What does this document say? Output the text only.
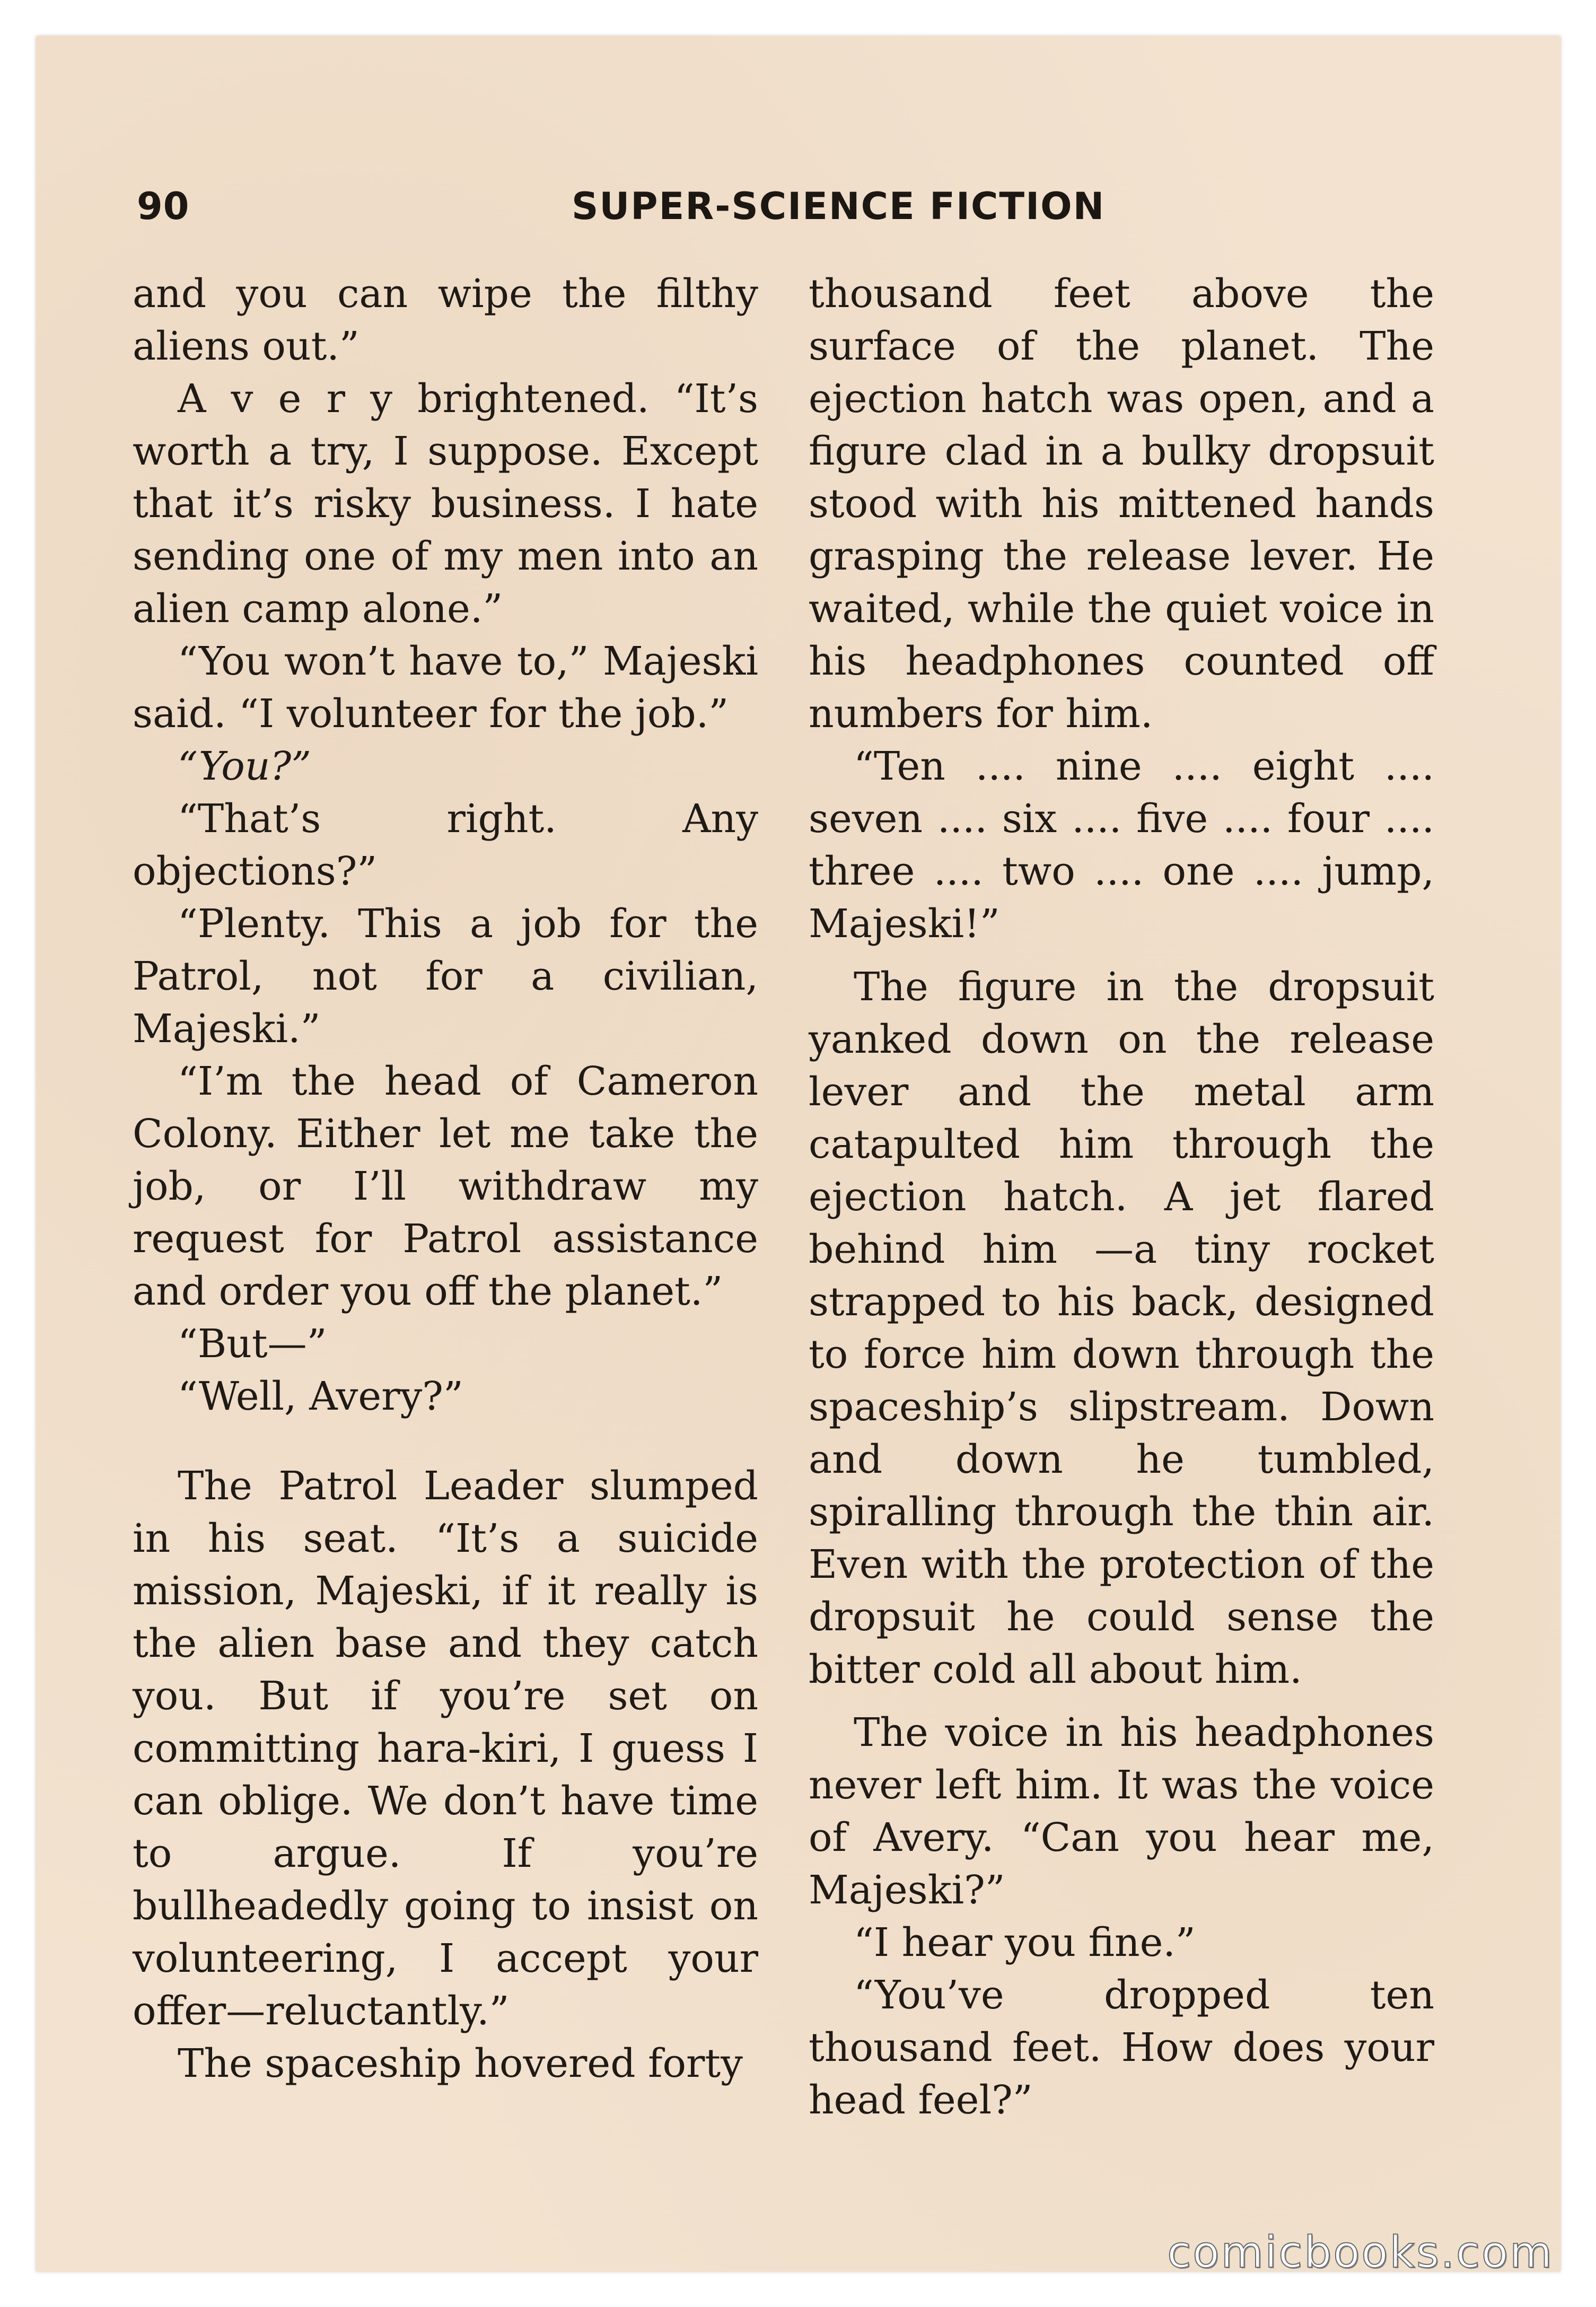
90	SUPER-SCIENCE FICTION

and you can wipe the filthy aliens out.”

A v e r y brightened. “It’s worth a try, I suppose. Except that it’s risky business. I hate sending one of my men into an alien camp alone.”

“You won’t have to,” Majeski said. “I volunteer for the job.”

“You?”

“That’s right. Any objections?”

“Plenty. This a job for the Patrol, not for a civilian, Majeski.”

“I’m the head of Cameron Colony. Either let me take the job, or I’ll withdraw my request for Patrol assistance and order you off the planet.”

“But—”

“Well, Avery?”

The Patrol Leader slumped in his seat. “It’s a suicide mission, Majeski, if it really is the alien base and they catch you. But if you’re set on committing hara-kiri, I guess I can oblige. We don’t have time to argue. If you’re bullheadedly going to insist on volunteering, I accept your offer—reluctantly.”

The spaceship hovered forty

thousand feet above the surface of the planet. The ejection hatch was open, and a figure clad in a bulky dropsuit stood with his mittened hands grasping the release lever. He waited, while the quiet voice in his headphones counted off numbers for him.

“Ten .... nine .... eight .... seven .... six .... five .... four .... three .... two .... one .... jump, Majeski!”

The figure in the dropsuit yanked down on the release lever and the metal arm catapulted him through the ejection hatch. A jet flared behind him —a tiny rocket strapped to his back, designed to force him down through the spaceship’s slipstream. Down and down he tumbled, spiralling through the thin air. Even with the protection of the dropsuit he could sense the bitter cold all about him.

The voice in his headphones never left him. It was the voice of Avery. “Can you hear me, Majeski?”

“I hear you fine.”

“You’ve dropped ten thousand feet. How does your head feel?”

comicbooks.com
